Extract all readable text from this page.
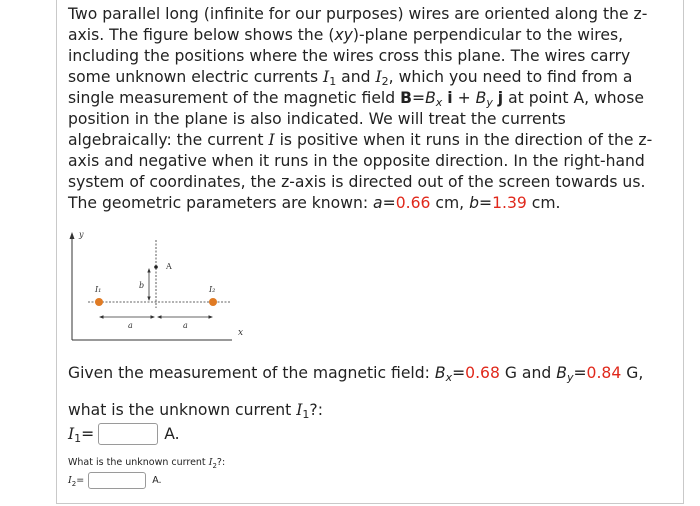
Two parallel long (infinite for our purposes) wires are oriented along the z-
axis. The figure below shows the (xy)-plane perpendicular to the wires,
including the positions where the wires cross this plane. The wires carry
some unknown electric currents $I_1$ and $I_2$, which you need to find from a
single measurement of the magnetic field $B=B_x$ $i + B_y$ j at point A, whose
position in the plane is also indicated. We will treat the currents
algebraically: the current I is positive when it runs in the direction of the z-
axis and negative when it runs in the opposite direction. In the right-hand
system of coordinates, the z-axis is directed out of the screen towards us.
The geometric parameters are known: a=0.66 cm, b=1.39 cm.
y
x
A
b
a	a
I₁	I₂
Given the measurement of the magnetic field: $B_x=0.68$ G and $B_y=0.84$ G,
what is the unknown current $I_1$?:
$I_1=$	A.
What is the unknown current $I_2$?:
$I_2=$	A.
